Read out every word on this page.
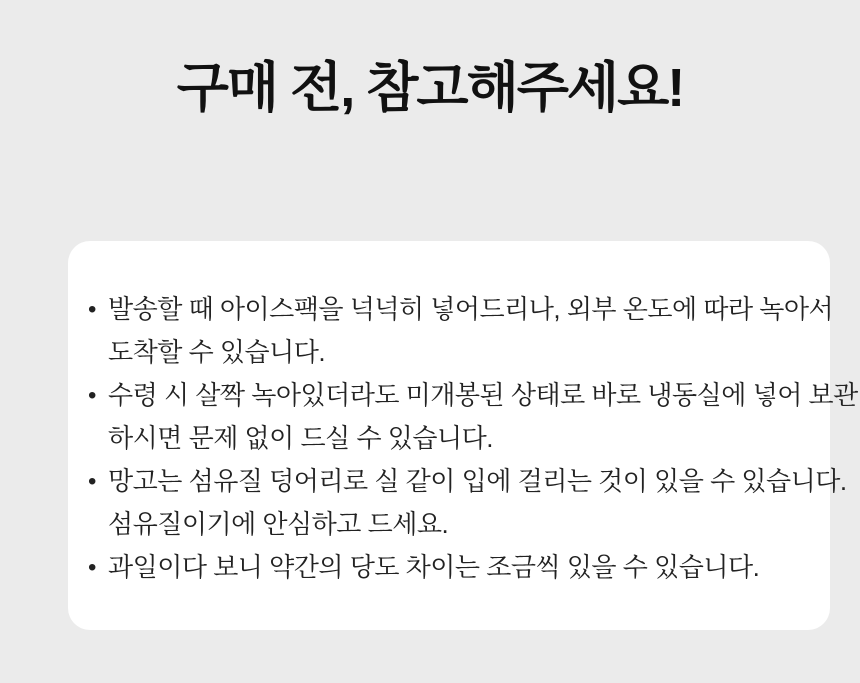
구매 전, 참고해주세요!
• 발송할 때 아이스팩을 넉넉히 넣어드리나, 외부 온도에 따라 녹아서
도착할 수 있습니다.
• 수령 시 살짝 녹아있더라도 미개봉된 상태로 바로 냉동실에 넣어 보관
하시면 문제 없이 드실 수 있습니다.
• 망고는 섬유질 덩어리로 실 같이 입에 걸리는 것이 있을 수 있습니다.
섬유질이기에 안심하고 드세요.
• 과일이다 보니 약간의 당도 차이는 조금씩 있을 수 있습니다.
